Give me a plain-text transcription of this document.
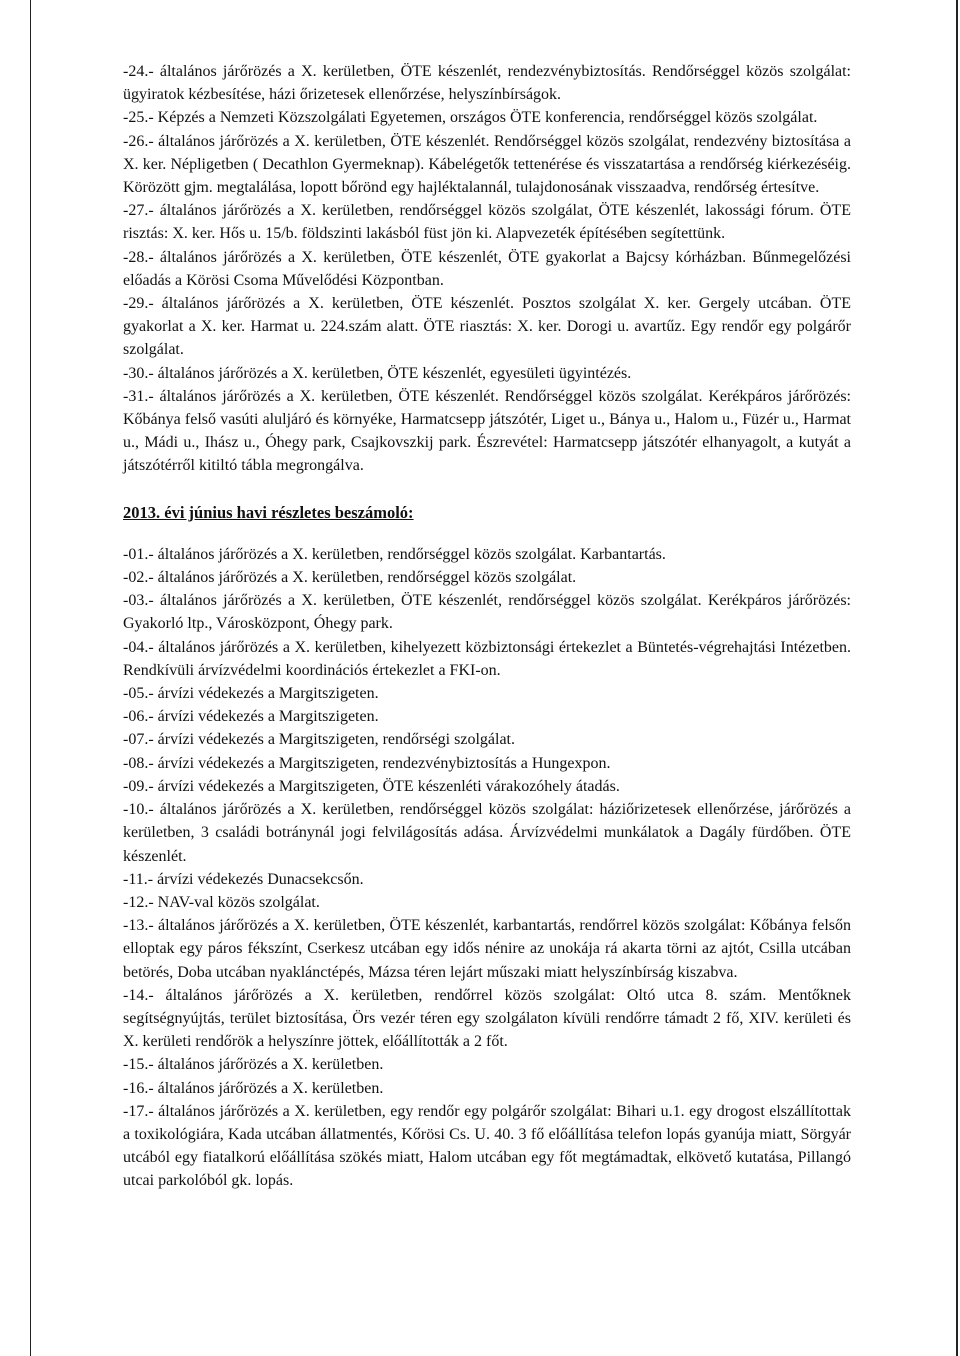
-24.- általános járőrözés a X. kerületben, ÖTE készenlét, rendezvénybiztosítás. Rendőrséggel közös szolgálat: ügyiratok kézbesítése, házi őrizetesek ellenőrzése, helyszínbírságok.

-25.- Képzés a Nemzeti Közszolgálati Egyetemen, országos ÖTE konferencia, rendőrséggel közös szolgálat.

-26.- általános járőrözés a X. kerületben, ÖTE készenlét. Rendőrséggel közös szolgálat, rendezvény biztosítása a X. ker. Népligetben ( Decathlon Gyermeknap). Kábelégetők tettenérése és visszatartása a rendőrség kiérkezéséig. Körözött gjm. megtalálása, lopott bőrönd egy hajléktalannál, tulajdonosának visszaadva, rendőrség értesítve.

-27.- általános járőrözés a X. kerületben, rendőrséggel közös szolgálat, ÖTE készenlét, lakossági fórum. ÖTE risztás: X. ker. Hős u. 15/b. földszinti lakásból füst jön ki. Alapvezeték építésében segítettünk.

-28.- általános járőrözés a X. kerületben, ÖTE készenlét, ÖTE gyakorlat a Bajcsy kórházban. Bűnmegelőzési előadás a Körösi Csoma Művelődési Központban.

-29.- általános járőrözés a X. kerületben, ÖTE készenlét. Posztos szolgálat X. ker. Gergely utcában. ÖTE gyakorlat a X. ker. Harmat u. 224.szám alatt. ÖTE riasztás: X. ker. Dorogi u. avartűz. Egy rendőr egy polgárőr szolgálat.

-30.- általános járőrözés a X. kerületben, ÖTE készenlét, egyesületi ügyintézés.

-31.- általános járőrözés a X. kerületben, ÖTE készenlét. Rendőrséggel közös szolgálat. Kerékpáros járőrözés: Kőbánya felső vasúti aluljáró és környéke, Harmatcsepp játszótér, Liget u., Bánya u., Halom u., Füzér u., Harmat u., Mádi u., Ihász u., Óhegy park, Csajkovszkij park. Észrevétel: Harmatcsepp játszótér elhanyagolt, a kutyát a játszótérről kitiltó tábla megrongálva.

2013. évi június havi részletes beszámoló:

-01.- általános járőrözés a X. kerületben, rendőrséggel közös szolgálat. Karbantartás.

-02.- általános járőrözés a X. kerületben, rendőrséggel közös szolgálat.

-03.- általános járőrözés a X. kerületben, ÖTE készenlét, rendőrséggel közös szolgálat. Kerékpáros járőrözés: Gyakorló ltp., Városközpont, Óhegy park.

-04.- általános járőrözés a X. kerületben, kihelyezett közbiztonsági értekezlet a Büntetés-végrehajtási Intézetben. Rendkívüli árvízvédelmi koordinációs értekezlet a FKI-on.

-05.- árvízi védekezés a Margitszigeten.

-06.- árvízi védekezés a Margitszigeten.

-07.- árvízi védekezés a Margitszigeten, rendőrségi szolgálat.

-08.- árvízi védekezés a Margitszigeten, rendezvénybiztosítás a Hungexpon.

-09.- árvízi védekezés a Margitszigeten, ÖTE készenléti várakozóhely átadás.

-10.- általános járőrözés a X. kerületben, rendőrséggel közös szolgálat: háziőrizetesek ellenőrzése, járőrözés a kerületben, 3 családi botránynál jogi felvilágosítás adása. Árvízvédelmi munkálatok a Dagály fürdőben. ÖTE készenlét.

-11.- árvízi védekezés Dunacsekcsőn.

-12.- NAV-val közös szolgálat.

-13.- általános járőrözés a X. kerületben, ÖTE készenlét, karbantartás, rendőrrel közös szolgálat: Kőbánya felsőn elloptak egy páros fékszínt, Cserkesz utcában egy idős nénire az unokája rá akarta törni az ajtót, Csilla utcában betörés, Doba utcában nyaklánctépés, Mázsa téren lejárt műszaki miatt helyszínbírság kiszabva.

-14.- általános járőrözés a X. kerületben, rendőrrel közös szolgálat: Oltó utca 8. szám. Mentőknek segítségnyújtás, terület biztosítása, Örs vezér téren egy szolgálaton kívüli rendőrre támadt 2 fő, XIV. kerületi és X. kerületi rendőrök a helyszínre jöttek, előállították a 2 főt.

-15.- általános járőrözés a X. kerületben.

-16.- általános járőrözés a X. kerületben.

-17.- általános járőrözés a X. kerületben, egy rendőr egy polgárőr szolgálat: Bihari u.1. egy drogost elszállítottak a toxikológiára, Kada utcában állatmentés, Kőrösi Cs. U. 40. 3 fő előállítása telefon lopás gyanúja miatt, Sörgyár utcából egy fiatalkorú előállítása szökés miatt, Halom utcában egy főt megtámadtak, elkövető kutatása, Pillangó utcai parkolóból gk. lopás.
